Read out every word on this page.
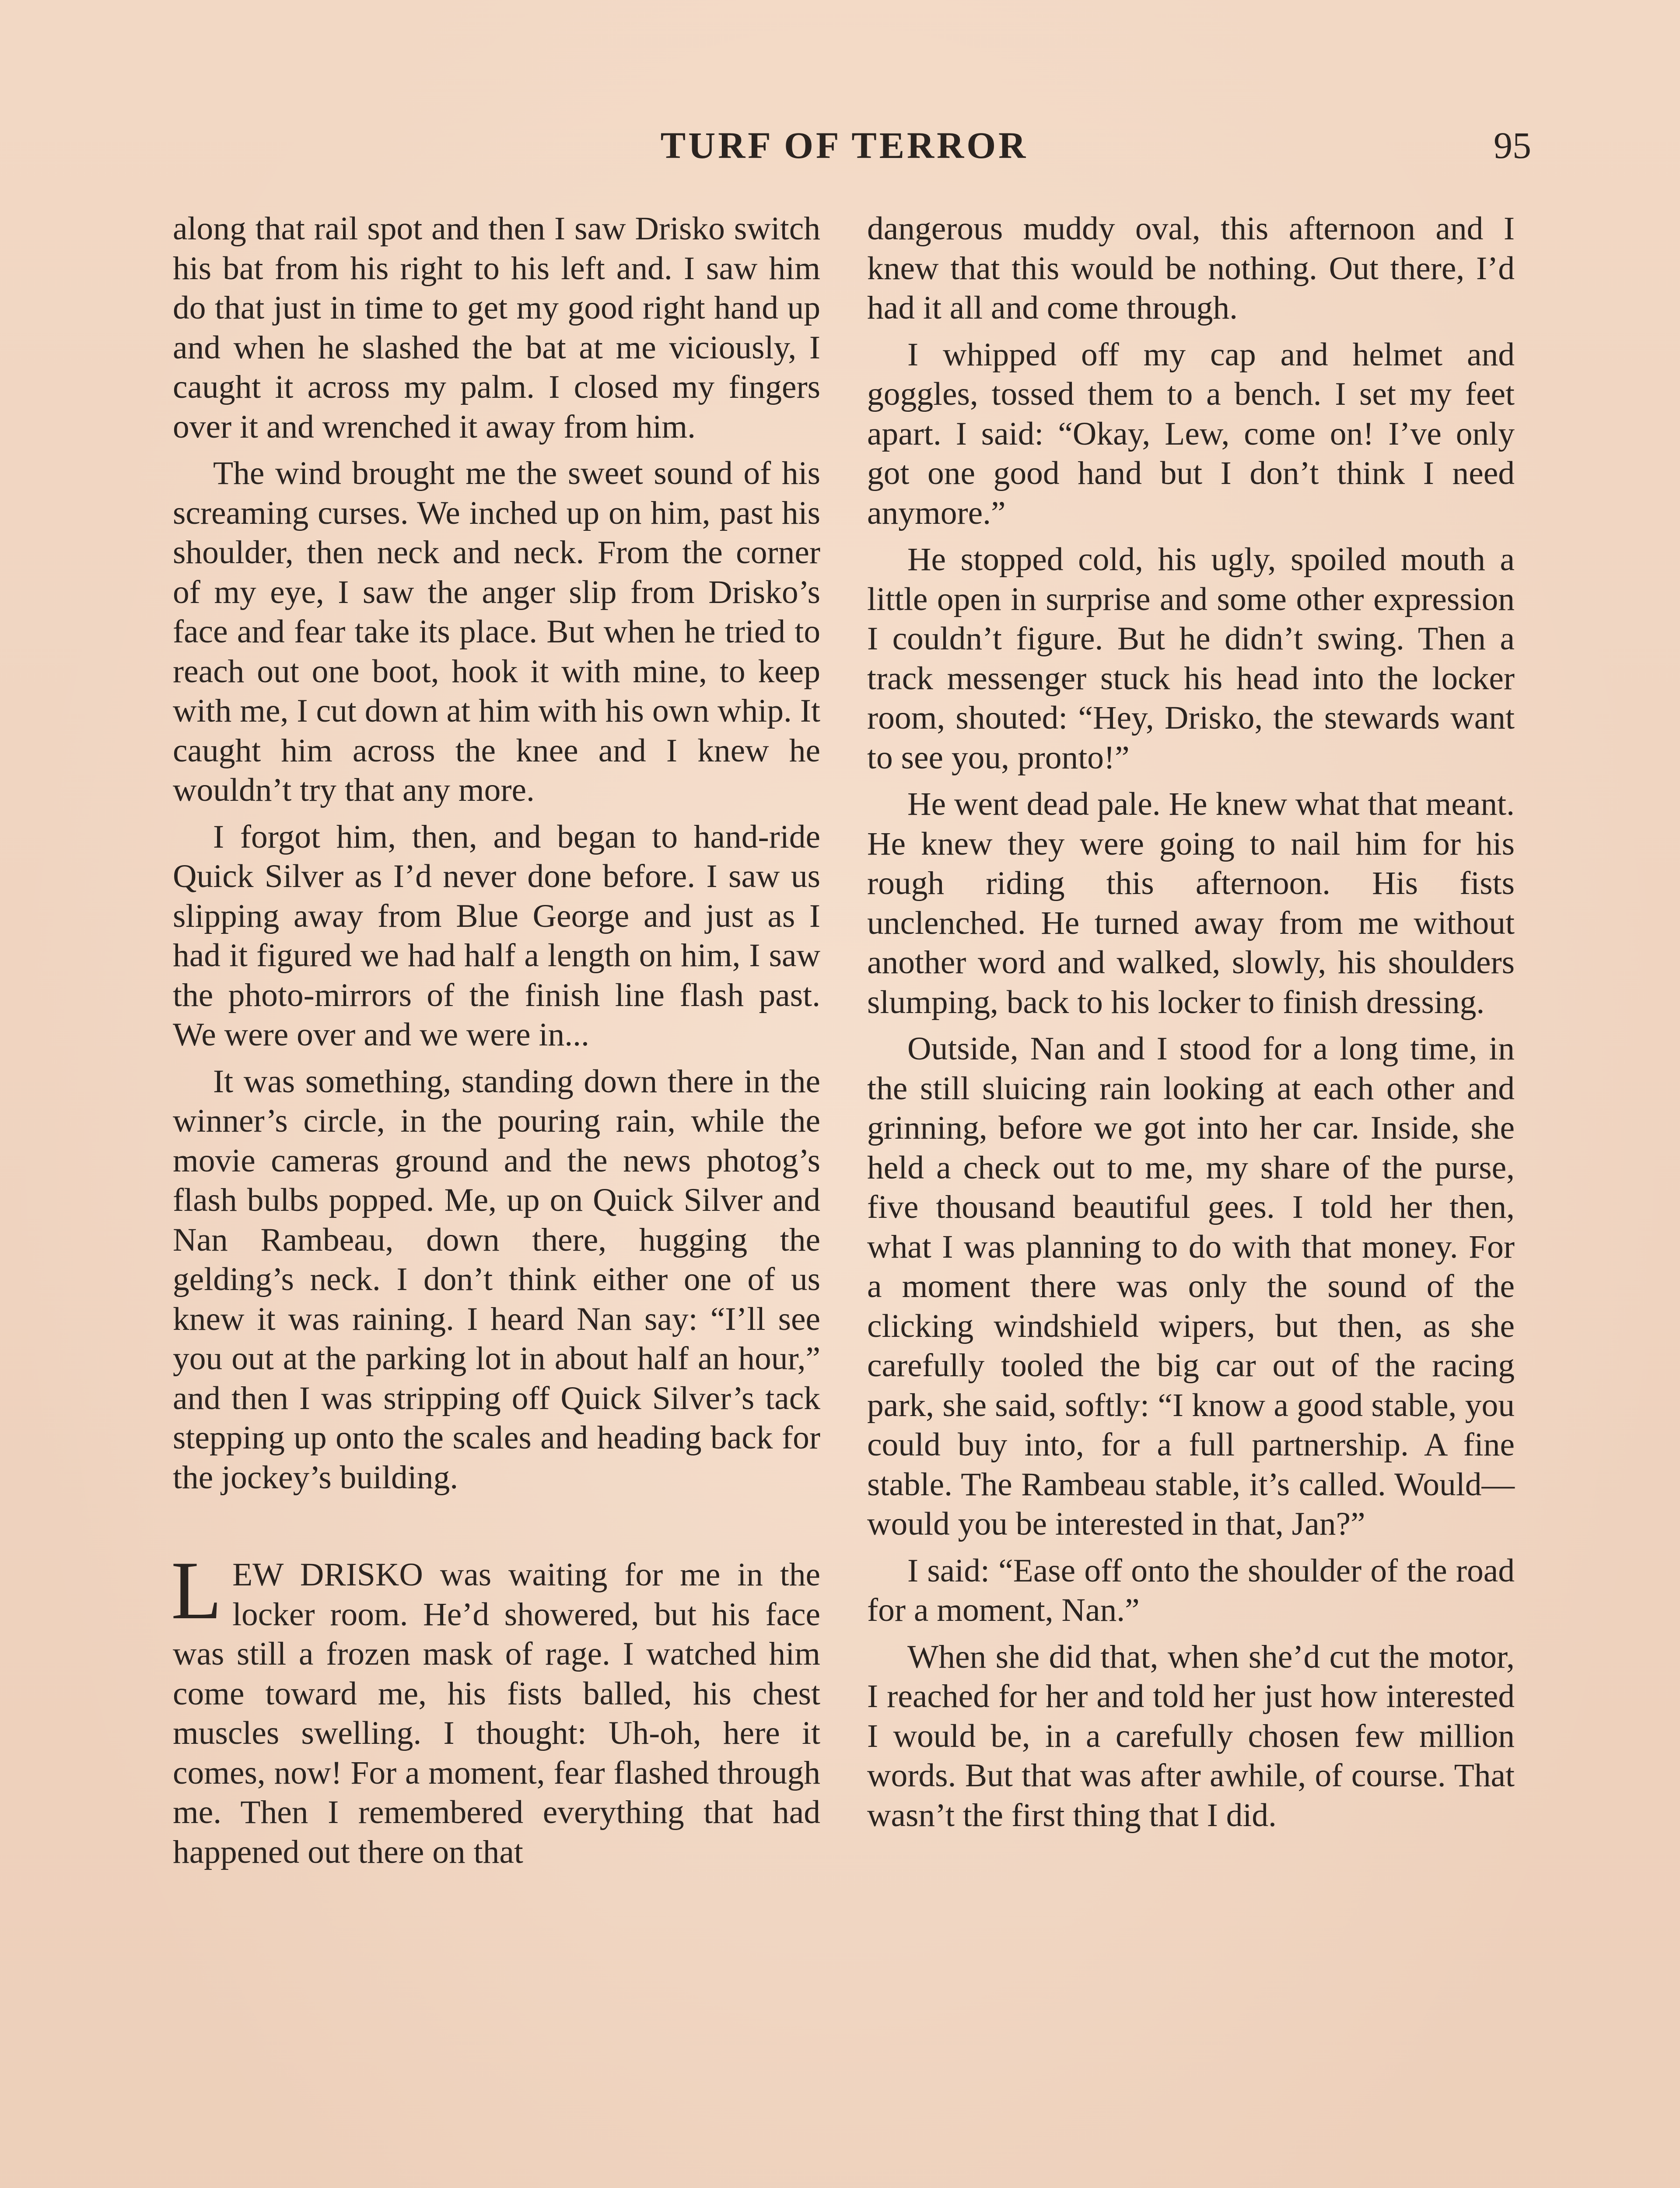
TURF OF TERROR	95

along that rail spot and then I saw Drisko switch his bat from his right to his left and. I saw him do that just in time to get my good right hand up and when he slashed the bat at me viciously, I caught it across my palm. I closed my fingers over it and wrenched it away from him.

The wind brought me the sweet sound of his screaming curses. We inched up on him, past his shoulder, then neck and neck. From the corner of my eye, I saw the anger slip from Drisko’s face and fear take its place. But when he tried to reach out one boot, hook it with mine, to keep with me, I cut down at him with his own whip. It caught him across the knee and I knew he wouldn’t try that any more.

I forgot him, then, and began to hand-ride Quick Silver as I’d never done before. I saw us slipping away from Blue George and just as I had it figured we had half a length on him, I saw the photo-mirrors of the finish line flash past. We were over and we were in...

It was something, standing down there in the winner’s circle, in the pouring rain, while the movie cameras ground and the news photog’s flash bulbs popped. Me, up on Quick Silver and Nan Rambeau, down there, hugging the gelding’s neck. I don’t think either one of us knew it was raining. I heard Nan say: “I’ll see you out at the parking lot in about half an hour,” and then I was stripping off Quick Silver’s tack stepping up onto the scales and heading back for the jockey’s building.

LEW DRISKO was waiting for me in the locker room. He’d showered, but his face was still a frozen mask of rage. I watched him come toward me, his fists balled, his chest muscles swelling. I thought: Uh-oh, here it comes, now! For a moment, fear flashed through me. Then I remembered everything that had happened out there on that

dangerous muddy oval, this afternoon and I knew that this would be nothing. Out there, I’d had it all and come through.

I whipped off my cap and helmet and goggles, tossed them to a bench. I set my feet apart. I said: “Okay, Lew, come on! I’ve only got one good hand but I don’t think I need anymore.”

He stopped cold, his ugly, spoiled mouth a little open in surprise and some other expression I couldn’t figure. But he didn’t swing. Then a track messenger stuck his head into the locker room, shouted: “Hey, Drisko, the stewards want to see you, pronto!”

He went dead pale. He knew what that meant. He knew they were going to nail him for his rough riding this afternoon. His fists unclenched. He turned away from me without another word and walked, slowly, his shoulders slumping, back to his locker to finish dressing.

Outside, Nan and I stood for a long time, in the still sluicing rain looking at each other and grinning, before we got into her car. Inside, she held a check out to me, my share of the purse, five thousand beautiful gees. I told her then, what I was planning to do with that money. For a moment there was only the sound of the clicking windshield wipers, but then, as she carefully tooled the big car out of the racing park, she said, softly: “I know a good stable, you could buy into, for a full partnership. A fine stable. The Rambeau stable, it’s called. Would—would you be interested in that, Jan?”

I said: “Ease off onto the shoulder of the road for a moment, Nan.”

When she did that, when she’d cut the motor, I reached for her and told her just how interested I would be, in a carefully chosen few million words. But that was after awhile, of course. That wasn’t the first thing that I did.
